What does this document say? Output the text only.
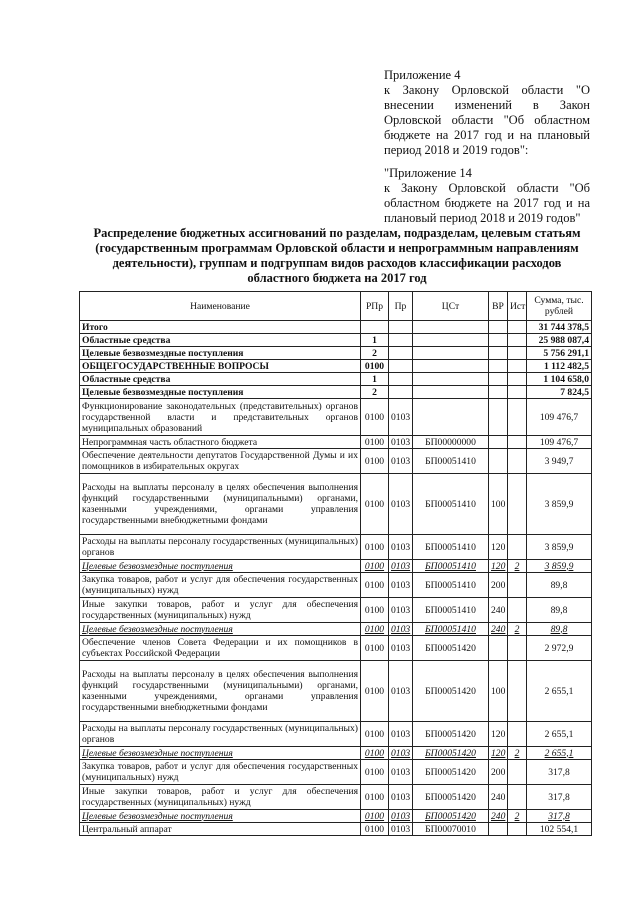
Приложение 4
к Закону Орловской области "О внесении изменений в Закон Орловской области "Об областном бюджете на 2017 год и на плановый период 2018 и 2019 годов":
"Приложение 14
к Закону Орловской области "Об областном бюджете на 2017 год и на плановый период 2018 и 2019 годов"
Распределение бюджетных ассигнований по разделам, подразделам, целевым статьям (государственным программам Орловской области и непрограммным направлениям деятельности), группам и подгруппам видов расходов классификации расходов областного бюджета на 2017 год
Наименование	РПр	Пр	ЦСт	ВР	Ист	Сумма, тыс. рублей
Итого						31 744 378,5
Областные средства	1					25 988 087,4
Целевые безвозмездные поступления	2					5 756 291,1
ОБЩЕГОСУДАРСТВЕННЫЕ ВОПРОСЫ	0100					1 112 482,5
Областные средства	1					1 104 658,0
Целевые безвозмездные поступления	2					7 824,5
Функционирование законодательных (представительных) органов государственной власти и представительных органов муниципальных образований	0100	0103				109 476,7
Непрограммная часть областного бюджета	0100	0103	БП00000000			109 476,7
Обеспечение деятельности депутатов Государственной Думы и их помощников в избирательных округах	0100	0103	БП00051410			3 949,7
Расходы на выплаты персоналу в целях обеспечения выполнения функций государственными (муниципальными) органами, казенными учреждениями, органами управления государственными внебюджетными фондами	0100	0103	БП00051410	100		3 859,9
Расходы на выплаты персоналу государственных (муниципальных) органов	0100	0103	БП00051410	120		3 859,9
Целевые безвозмездные поступления	0100	0103	БП00051410	120	2	3 859,9
Закупка товаров, работ и услуг для обеспечения государственных (муниципальных) нужд	0100	0103	БП00051410	200		89,8
Иные закупки товаров, работ и услуг для обеспечения государственных (муниципальных) нужд	0100	0103	БП00051410	240		89,8
Целевые безвозмездные поступления	0100	0103	БП00051410	240	2	89,8
Обеспечение членов Совета Федерации и их помощников в субъектах Российской Федерации	0100	0103	БП00051420			2 972,9
Расходы на выплаты персоналу в целях обеспечения выполнения функций государственными (муниципальными) органами, казенными учреждениями, органами управления государственными внебюджетными фондами	0100	0103	БП00051420	100		2 655,1
Расходы на выплаты персоналу государственных (муниципальных) органов	0100	0103	БП00051420	120		2 655,1
Целевые безвозмездные поступления	0100	0103	БП00051420	120	2	2 655,1
Закупка товаров, работ и услуг для обеспечения государственных (муниципальных) нужд	0100	0103	БП00051420	200		317,8
Иные закупки товаров, работ и услуг для обеспечения государственных (муниципальных) нужд	0100	0103	БП00051420	240		317,8
Целевые безвозмездные поступления	0100	0103	БП00051420	240	2	317,8
Центральный аппарат	0100	0103	БП00070010			102 554,1
